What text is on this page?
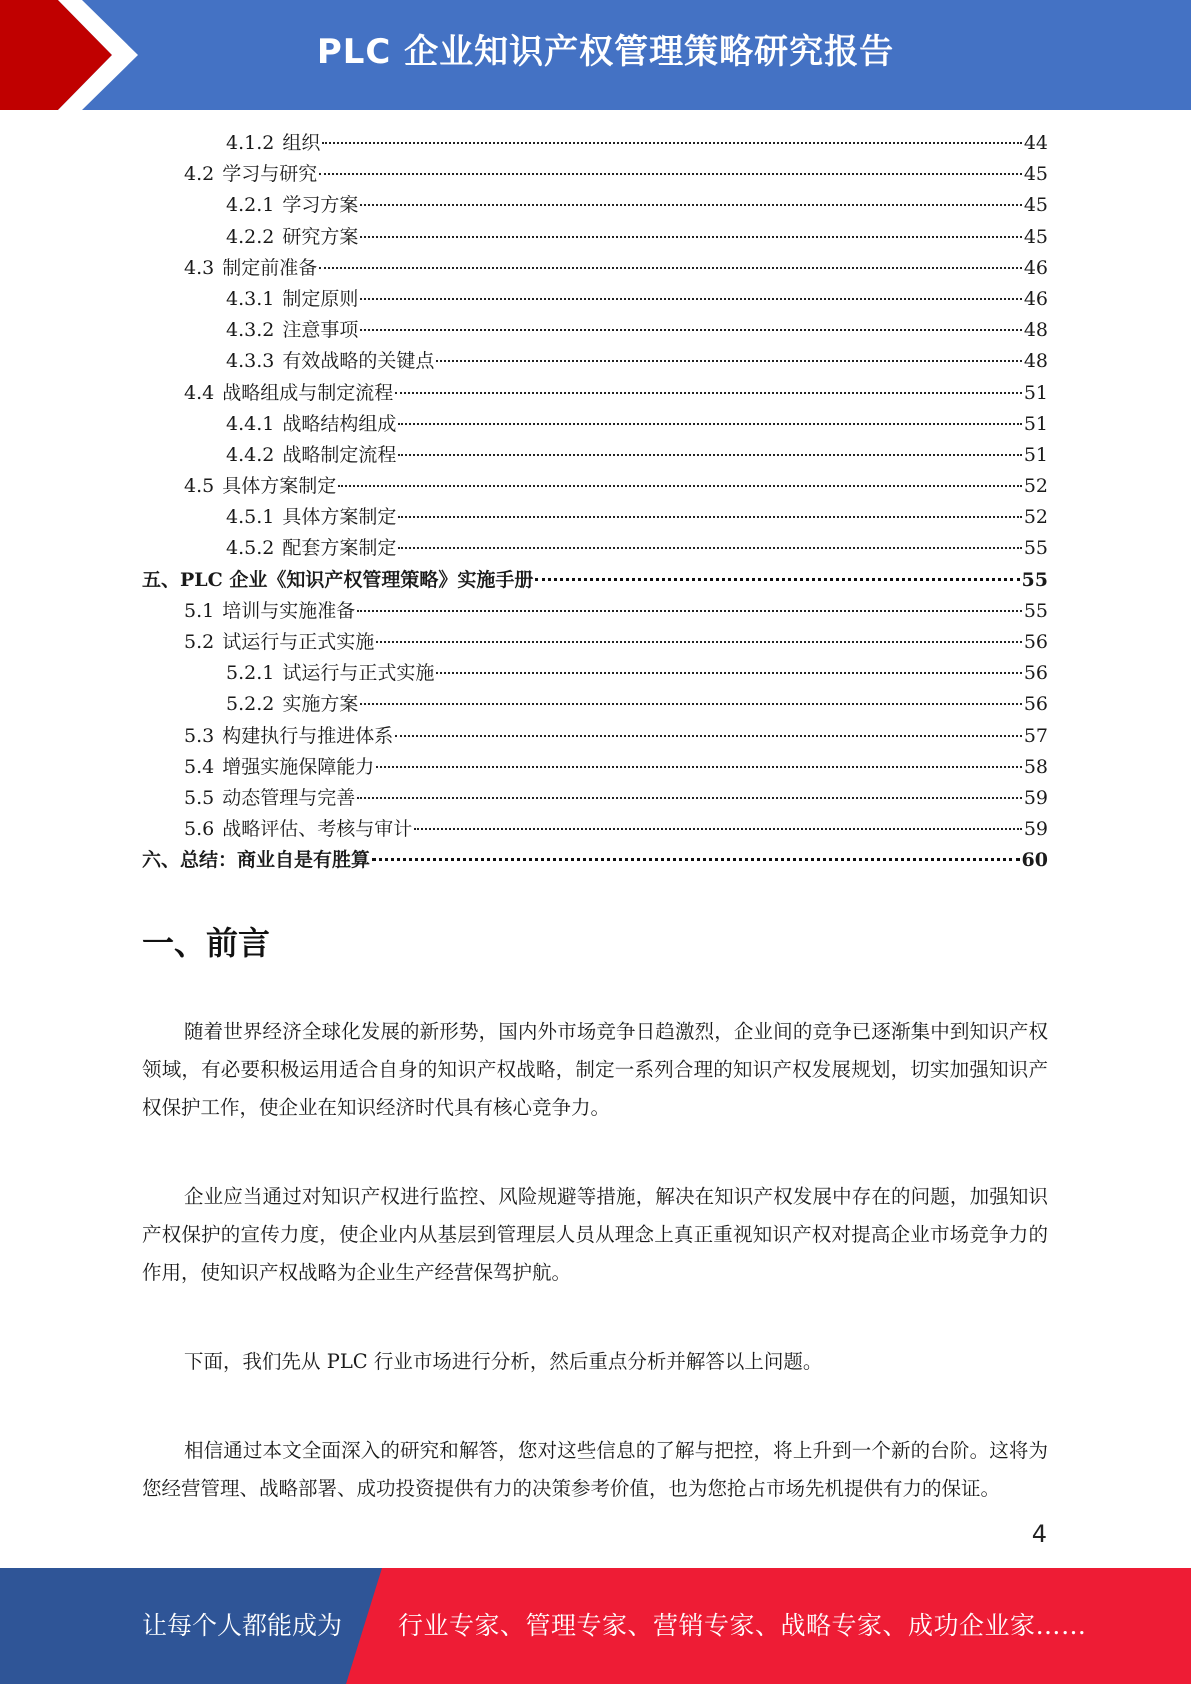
PLC 企业知识产权管理策略研究报告
4.1.2 组织	44
4.2 学习与研究	45
4.2.1 学习方案	45
4.2.2 研究方案	45
4.3 制定前准备	46
4.3.1 制定原则	46
4.3.2 注意事项	48
4.3.3 有效战略的关键点	48
4.4 战略组成与制定流程	51
4.4.1 战略结构组成	51
4.4.2 战略制定流程	51
4.5 具体方案制定	52
4.5.1 具体方案制定	52
4.5.2 配套方案制定	55
五、 PLC 企业《知识产权管理策略》实施手册	55
5.1 培训与实施准备	55
5.2 试运行与正式实施	56
5.2.1 试运行与正式实施	56
5.2.2 实施方案	56
5.3 构建执行与推进体系	57
5.4 增强实施保障能力	58
5.5 动态管理与完善	59
5.6 战略评估、考核与审计	59
六、 总结：商业自是有胜算	60
一、前言

随着世界经济全球化发展的新形势，国内外市场竞争日趋激烈，企业间的竞争已逐渐集中到知识产权领域，有必要积极运用适合自身的知识产权战略，制定一系列合理的知识产权发展规划，切实加强知识产权保护工作，使企业在知识经济时代具有核心竞争力。

企业应当通过对知识产权进行监控、风险规避等措施，解决在知识产权发展中存在的问题，加强知识产权保护的宣传力度，使企业内从基层到管理层人员从理念上真正重视知识产权对提高企业市场竞争力的作用，使知识产权战略为企业生产经营保驾护航。

下面，我们先从 PLC 行业市场进行分析，然后重点分析并解答以上问题。

相信通过本文全面深入的研究和解答，您对这些信息的了解与把控，将上升到一个新的台阶。这将为您经营管理、战略部署、成功投资提供有力的决策参考价值，也为您抢占市场先机提供有力的保证。

4
让每个人都能成为 行业专家、管理专家、营销专家、战略专家、成功企业家……
